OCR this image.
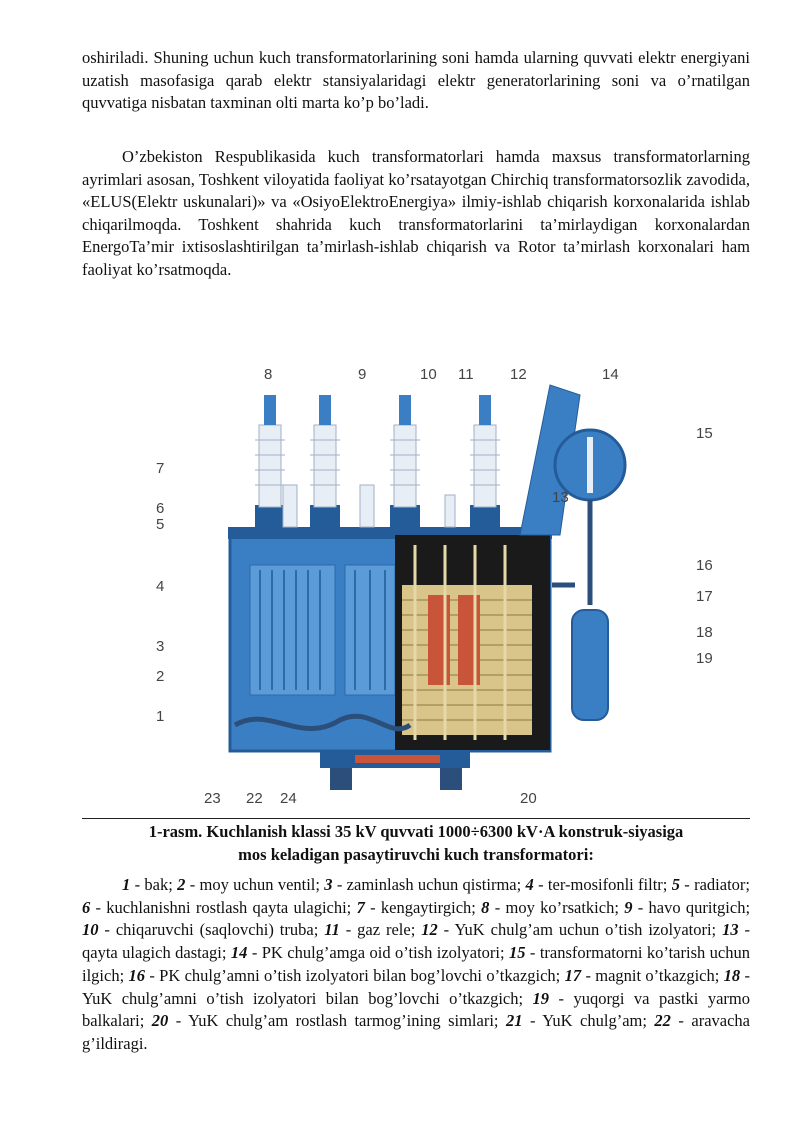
oshiriladi. Shuning uchun kuch transformatorlarining soni hamda ularning quvvati elektr energiyani uzatish masofasiga qarab elektr stansiyalaridagi elektr generatorlarining soni va o’rnatilgan quvvatiga nisbatan taxminan olti marta ko’p bo’ladi.

O’zbekiston Respublikasida kuch transformatorlari hamda maxsus transformatorlarning ayrimlari asosan, Toshkent viloyatida faoliyat ko’rsatayotgan Chirchiq transformatorsozlik zavodida, «ELUS(Elektr uskunalari)» va «OsiyoElektroEnergiya» ilmiy-ishlab chiqarish korxonalarida ishlab chiqarilmoqda. Toshkent shahrida kuch transformatorlarini ta’mirlaydigan korxonalardan EnergoTa’mir ixtisoslashtirilgan ta’mirlash-ishlab chiqarish va Rotor ta’mirlash korxonalari ham faoliyat ko’rsatmoqda.

8	9	10 11 12	14
15
13
7
6
5
4
3
2
1
16
17
18
19
23 22 24	20

1-rasm. Kuchlanish klassi 35 kV quvvati 1000÷6300 kV·A konstruk-siyasiga
mos keladigan pasaytiruvchi kuch transformatori:

1 - bak; 2 - moy uchun ventil; 3 - zaminlash uchun qistirma; 4 - ter-mosifonli filtr; 5 - radiator; 6 - kuchlanishni rostlash qayta ulagichi; 7 - kengaytirgich; 8 - moy ko’rsatkich; 9 - havo quritgich; 10 - chiqaruvchi (saqlovchi) truba; 11 - gaz rele; 12 - YuK chulg’am uchun o’tish izolyatori; 13 - qayta ulagich dastagi; 14 - PK chulg’amga oid o’tish izolyatori; 15 - transformatorni ko’tarish uchun ilgich; 16 - PK chulg’amni o’tish izolyatori bilan bog’lovchi o’tkazgich; 17 - magnit o’tkazgich; 18 - YuK chulg’amni o’tish izolyatori bilan bog’lovchi o’tkazgich; 19 - yuqorgi va pastki yarmo balkalari; 20 - YuK chulg’am rostlash tarmog’ining simlari; 21 - YuK chulg’am; 22 - aravacha g’ildiragi.
